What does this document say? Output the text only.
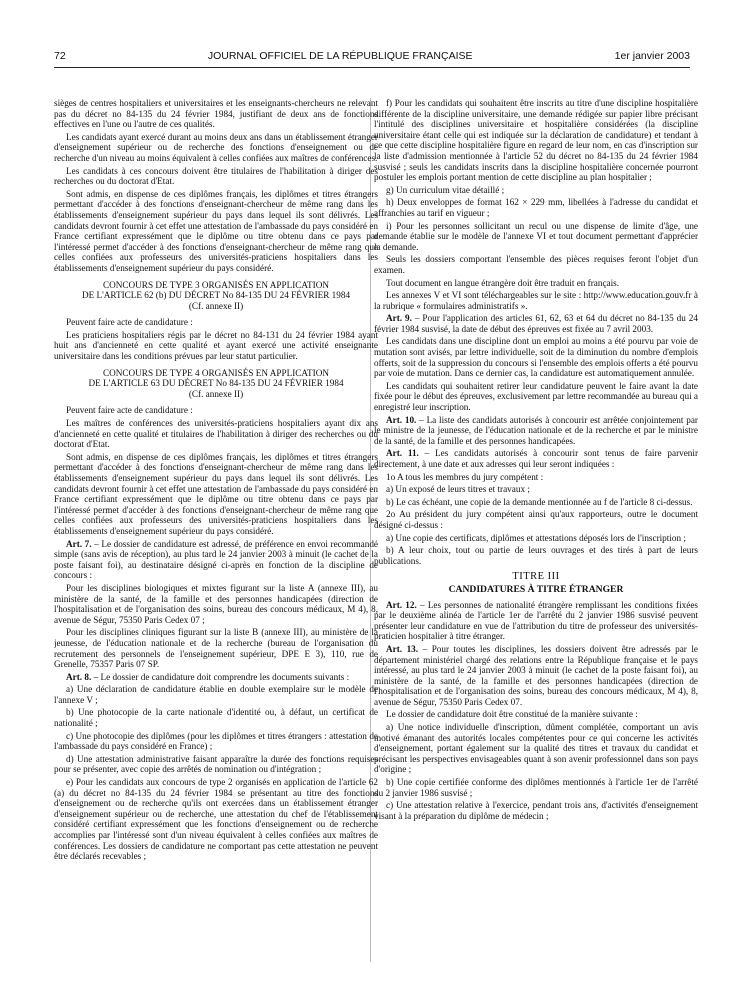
72	JOURNAL OFFICIEL DE LA RÉPUBLIQUE FRANÇAISE	1er janvier 2003

sièges de centres hospitaliers et universitaires et les enseignants-chercheurs ne relevant pas du décret no 84-135 du 24 février 1984, justifiant de deux ans de fonctions effectives en l'une ou l'autre de ces qualités.

Les candidats ayant exercé durant au moins deux ans dans un établissement étranger d'enseignement supérieur ou de recherche des fonctions d'enseignement ou de recherche d'un niveau au moins équivalent à celles confiées aux maîtres de conférences.

Les candidats à ces concours doivent être titulaires de l'habilitation à diriger des recherches ou du doctorat d'Etat.

Sont admis, en dispense de ces diplômes français, les diplômes et titres étrangers permettant d'accéder à des fonctions d'enseignant-chercheur de même rang dans les établissements d'enseignement supérieur du pays dans lequel ils sont délivrés. Les candidats devront fournir à cet effet une attestation de l'ambassade du pays considéré en France certifiant expressément que le diplôme ou titre obtenu dans ce pays par l'intéressé permet d'accéder à des fonctions d'enseignant-chercheur de même rang que celles confiées aux professeurs des universités-praticiens hospitaliers dans les établissements d'enseignement supérieur du pays considéré.

CONCOURS DE TYPE 3 ORGANISÉS EN APPLICATION

DE L'ARTICLE 62 (b) DU DÉCRET No 84-135 DU 24 FÉVRIER 1984

(Cf. annexe II)

Peuvent faire acte de candidature :

Les praticiens hospitaliers régis par le décret no 84-131 du 24 février 1984 ayant huit ans d'ancienneté en cette qualité et ayant exercé une activité enseignante universitaire dans les conditions prévues par leur statut particulier.

CONCOURS DE TYPE 4 ORGANISÉS EN APPLICATION

DE L'ARTICLE 63 DU DÉCRET No 84-135 DU 24 FÉVRIER 1984

(Cf. annexe II)

Peuvent faire acte de candidature :

Les maîtres de conférences des universités-praticiens hospitaliers ayant dix ans d'ancienneté en cette qualité et titulaires de l'habilitation à diriger des recherches ou du doctorat d'Etat.

Sont admis, en dispense de ces diplômes français, les diplômes et titres étrangers permettant d'accéder à des fonctions d'enseignant-chercheur de même rang dans les établissements d'enseignement supérieur du pays dans lequel ils sont délivrés. Les candidats devront fournir à cet effet une attestation de l'ambassade du pays considéré en France certifiant expressément que le diplôme ou titre obtenu dans ce pays par l'intéressé permet d'accéder à des fonctions d'enseignant-chercheur de même rang que celles confiées aux professeurs des universités-praticiens hospitaliers dans les établissements d'enseignement supérieur du pays considéré.

Art. 7. – Le dossier de candidature est adressé, de préférence en envoi recommandé simple (sans avis de réception), au plus tard le 24 janvier 2003 à minuit (le cachet de la poste faisant foi), au destinataire désigné ci-après en fonction de la discipline de concours :

Pour les disciplines biologiques et mixtes figurant sur la liste A (annexe III), au ministère de la santé, de la famille et des personnes handicapées (direction de l'hospitalisation et de l'organisation des soins, bureau des concours médicaux, M 4), 8, avenue de Ségur, 75350 Paris Cedex 07 ;

Pour les disciplines cliniques figurant sur la liste B (annexe III), au ministère de la jeunesse, de l'éducation nationale et de la recherche (bureau de l'organisation du recrutement des personnels de l'enseignement supérieur, DPE E 3), 110, rue de Grenelle, 75357 Paris 07 SP.

Art. 8. – Le dossier de candidature doit comprendre les documents suivants :

a) Une déclaration de candidature établie en double exemplaire sur le modèle de l'annexe V ;

b) Une photocopie de la carte nationale d'identité ou, à défaut, un certificat de nationalité ;

c) Une photocopie des diplômes (pour les diplômes et titres étrangers : attestation de l'ambassade du pays considéré en France) ;

d) Une attestation administrative faisant apparaître la durée des fonctions requises pour se présenter, avec copie des arrêtés de nomination ou d'intégration ;

e) Pour les candidats aux concours de type 2 organisés en application de l'article 62 (a) du décret no 84-135 du 24 février 1984 se présentant au titre des fonctions d'enseignement ou de recherche qu'ils ont exercées dans un établissement étranger d'enseignement supérieur ou de recherche, une attestation du chef de l'établissement considéré certifiant expressément que les fonctions d'enseignement ou de recherche accomplies par l'intéressé sont d'un niveau équivalent à celles confiées aux maîtres de conférences. Les dossiers de candidature ne comportant pas cette attestation ne peuvent être déclarés recevables ;

f) Pour les candidats qui souhaitent être inscrits au titre d'une discipline hospitalière différente de la discipline universitaire, une demande rédigée sur papier libre précisant l'intitulé des disciplines universitaire et hospitalière considérées (la discipline universitaire étant celle qui est indiquée sur la déclaration de candidature) et tendant à ce que cette discipline hospitalière figure en regard de leur nom, en cas d'inscription sur la liste d'admission mentionnée à l'article 52 du décret no 84-135 du 24 février 1984 susvisé ; seuls les candidats inscrits dans la discipline hospitalière concernée pourront postuler les emplois portant mention de cette discipline au plan hospitalier ;

g) Un curriculum vitae détaillé ;

h) Deux enveloppes de format 162 × 229 mm, libellées à l'adresse du candidat et affranchies au tarif en vigueur ;

i) Pour les personnes sollicitant un recul ou une dispense de limite d'âge, une demande établie sur le modèle de l'annexe VI et tout document permettant d'apprécier la demande.

Seuls les dossiers comportant l'ensemble des pièces requises feront l'objet d'un examen.

Tout document en langue étrangère doit être traduit en français.

Les annexes V et VI sont téléchargeables sur le site : http://www.education.gouv.fr à la rubrique « formulaires administratifs ».

Art. 9. – Pour l'application des articles 61, 62, 63 et 64 du décret no 84-135 du 24 février 1984 susvisé, la date de début des épreuves est fixée au 7 avril 2003.

Les candidats dans une discipline dont un emploi au moins a été pourvu par voie de mutation sont avisés, par lettre individuelle, soit de la diminution du nombre d'emplois offerts, soit de la suppression du concours si l'ensemble des emplois offerts a été pourvu par voie de mutation. Dans ce dernier cas, la candidature est automatiquement annulée.

Les candidats qui souhaitent retirer leur candidature peuvent le faire avant la date fixée pour le début des épreuves, exclusivement par lettre recommandée au bureau qui a enregistré leur inscription.

Art. 10. – La liste des candidats autorisés à concourir est arrêtée conjointement par le ministre de la jeunesse, de l'éducation nationale et de la recherche et par le ministre de la santé, de la famille et des personnes handicapées.

Art. 11. – Les candidats autorisés à concourir sont tenus de faire parvenir directement, à une date et aux adresses qui leur seront indiquées :

1o A tous les membres du jury compétent :

a) Un exposé de leurs titres et travaux ;

b) Le cas échéant, une copie de la demande mentionnée au f de l'article 8 ci-dessus.

2o Au président du jury compétent ainsi qu'aux rapporteurs, outre le document désigné ci-dessus :

a) Une copie des certificats, diplômes et attestations déposés lors de l'inscription ;

b) A leur choix, tout ou partie de leurs ouvrages et des tirés à part de leurs publications.

TITRE III

CANDIDATURES À TITRE ÉTRANGER

Art. 12. – Les personnes de nationalité étrangère remplissant les conditions fixées par le deuxième alinéa de l'article 1er de l'arrêté du 2 janvier 1986 susvisé peuvent présenter leur candidature en vue de l'attribution du titre de professeur des universités-praticien hospitalier à titre étranger.

Art. 13. – Pour toutes les disciplines, les dossiers doivent être adressés par le département ministériel chargé des relations entre la République française et le pays intéressé, au plus tard le 24 janvier 2003 à minuit (le cachet de la poste faisant foi), au ministère de la santé, de la famille et des personnes handicapées (direction de l'hospitalisation et de l'organisation des soins, bureau des concours médicaux, M 4), 8, avenue de Ségur, 75350 Paris Cedex 07.

Le dossier de candidature doit être constitué de la manière suivante :

a) Une notice individuelle d'inscription, dûment complétée, comportant un avis motivé émanant des autorités locales compétentes pour ce qui concerne les activités d'enseignement, portant également sur la qualité des titres et travaux du candidat et précisant les perspectives envisageables quant à son avenir professionnel dans son pays d'origine ;

b) Une copie certifiée conforme des diplômes mentionnés à l'article 1er de l'arrêté du 2 janvier 1986 susvisé ;

c) Une attestation relative à l'exercice, pendant trois ans, d'activités d'enseignement visant à la préparation du diplôme de médecin ;
